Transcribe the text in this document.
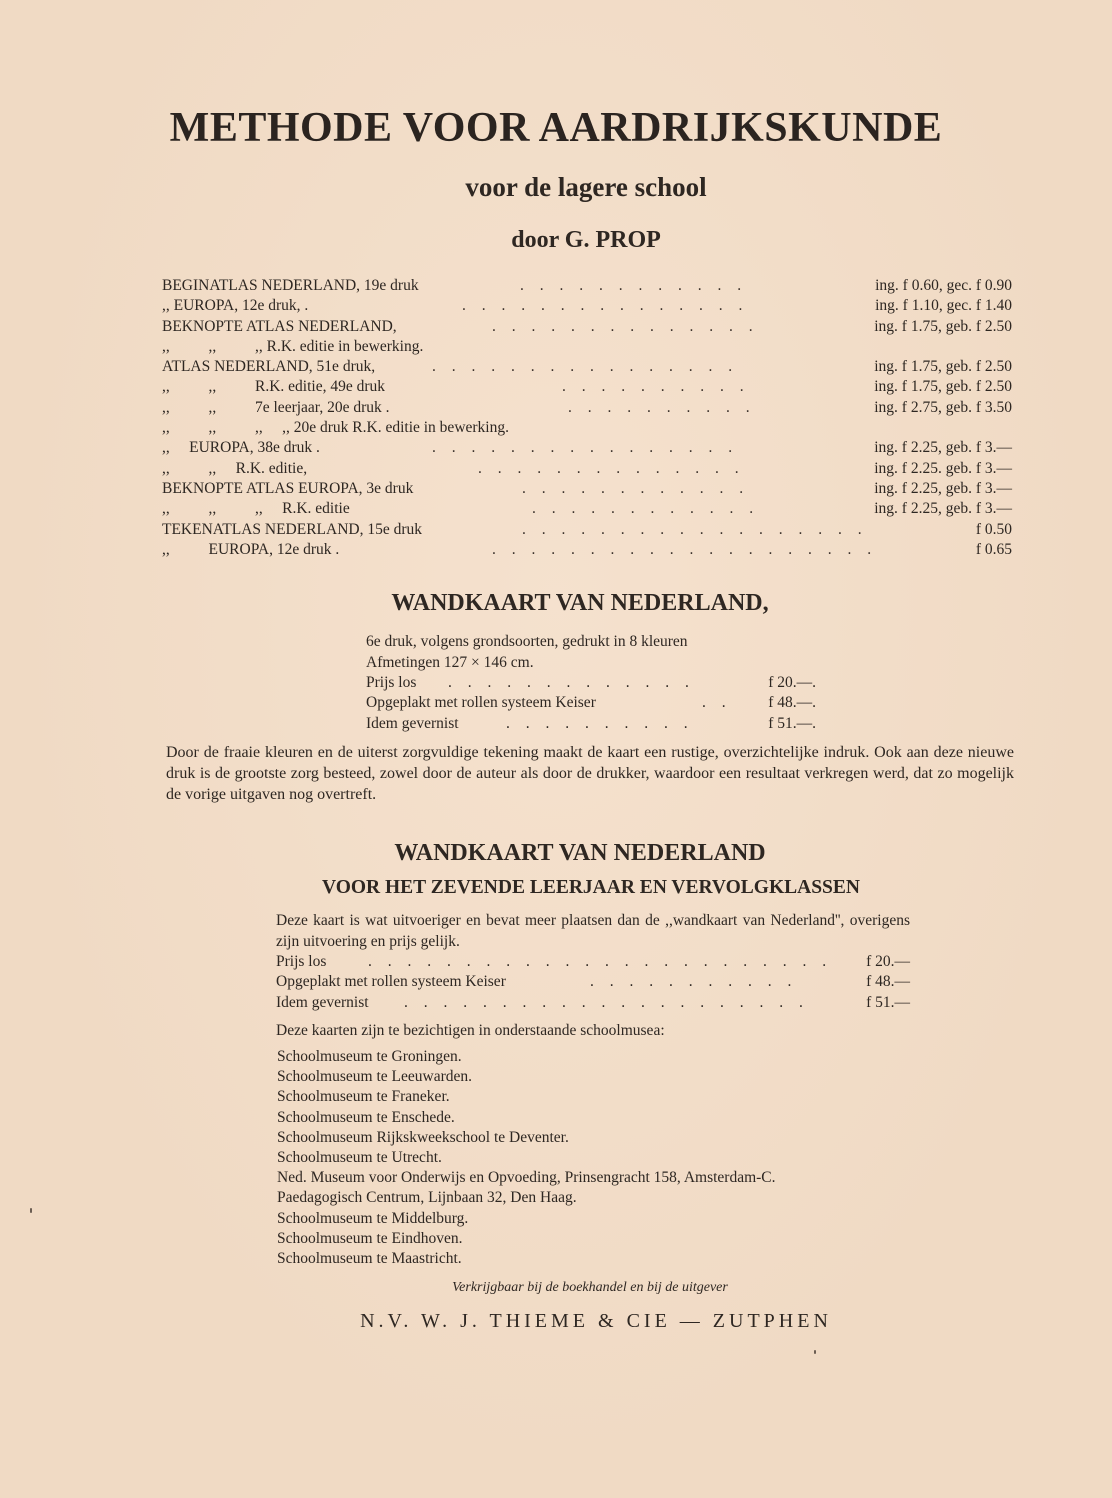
METHODE VOOR AARDRIJKSKUNDE
voor de lagere school
door G. PROP
BEGINATLAS NEDERLAND, 19e druk	. . . . . . . . . . . .	ing. f 0.60, gec. f 0.90
,, EUROPA, 12e druk, .	. . . . . . . . . . . . . . .	ing. f 1.10, gec. f 1.40
BEKNOPTE ATLAS NEDERLAND,	. . . . . . . . . . . . . .	ing. f 1.75, geb. f 2.50
,,          ,,          ,, R.K. editie in bewerking.
ATLAS NEDERLAND, 51e druk,	. . . . . . . . . . . . . . . .	ing. f 1.75, geb. f 2.50
,,          ,,          R.K. editie, 49e druk	. . . . . . . . . .	ing. f 1.75, geb. f 2.50
,,          ,,          7e leerjaar, 20e druk .	. . . . . . . . . .	ing. f 2.75, geb. f 3.50
,,          ,,          ,,     ,, 20e druk R.K. editie in bewerking.
,,     EUROPA, 38e druk .	. . . . . . . . . . . . . . . .	ing. f 2.25, geb. f 3.—
,,          ,,     R.K. editie,	. . . . . . . . . . . . . .	ing. f 2.25. geb. f 3.—
BEKNOPTE ATLAS EUROPA, 3e druk	. . . . . . . . . . . .	ing. f 2.25, geb. f 3.—
,,          ,,          ,,     R.K. editie	. . . . . . . . . . . .	ing. f 2.25, geb. f 3.—
TEKENATLAS NEDERLAND, 15e druk	. . . . . . . . . . . . . . . . . .	f 0.50
,,          EUROPA, 12e druk .	. . . . . . . . . . . . . . . . . . . .	f 0.65
WANDKAART VAN NEDERLAND,
6e druk, volgens grondsoorten, gedrukt in 8 kleuren
Afmetingen 127 × 146 cm.
Prijs los . . . . . . . . . . . . .	f 20.—.
Opgeplakt met rollen systeem Keiser	. . f 48.—.
Idem gevernist	. . . . . . . . . .	f 51.—.
Door de fraaie kleuren en de uiterst zorgvuldige tekening maakt de kaart een rustige, overzichtelijke indruk. Ook aan deze nieuwe druk is de grootste zorg besteed, zowel door de auteur als door de drukker, waardoor een resultaat verkregen werd, dat zo mogelijk de vorige uitgaven nog overtreft.
WANDKAART VAN NEDERLAND
VOOR HET ZEVENDE LEERJAAR EN VERVOLGKLASSEN
Deze kaart is wat uitvoeriger en bevat meer plaatsen dan de ,,wandkaart van Nederland'', overigens zijn uitvoering en prijs gelijk.
Prijs los	. . . . . . . . . . . . . . . . . . . . . . . . f 20.—
Opgeplakt met rollen systeem Keiser	. . . . . . . . . . .	f 48.—
Idem gevernist . . . . . . . . . . . . . . . . . . . . .	f 51.—
Deze kaarten zijn te bezichtigen in onderstaande schoolmusea:
Schoolmuseum te Groningen.
Schoolmuseum te Leeuwarden.
Schoolmuseum te Franeker.
Schoolmuseum te Enschede.
Schoolmuseum Rijkskweekschool te Deventer.
Schoolmuseum te Utrecht.
Ned. Museum voor Onderwijs en Opvoeding, Prinsengracht 158, Amsterdam-C.
Paedagogisch Centrum, Lijnbaan 32, Den Haag.
Schoolmuseum te Middelburg.
Schoolmuseum te Eindhoven.
Schoolmuseum te Maastricht.
Verkrijgbaar bij de boekhandel en bij de uitgever
N.V. W. J. THIEME & CIE — ZUTPHEN
